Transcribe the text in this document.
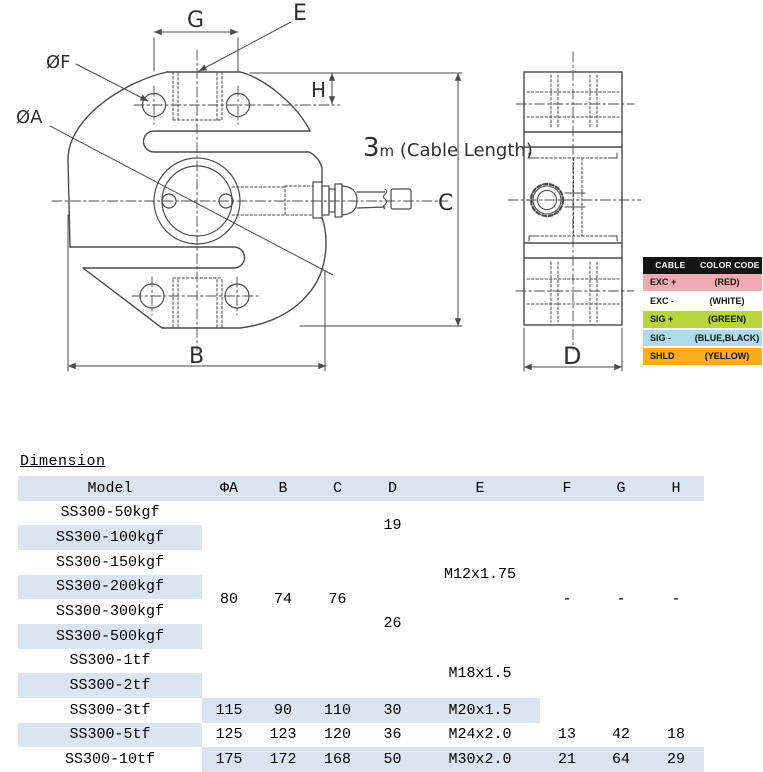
G	E
ØF
ØA
H
C
B
3m (Cable Length)
D
CABLE	COLOR CODE
EXC +	(RED)
EXC -	(WHITE)
SIG +	(GREEN)
SIG -	(BLUE,BLACK)
SHLD	(YELLOW)
Dimension
Model	ΦA	B	C	D	E	F	G	H
SS300-50kgf	80	74	76	19	M12x1.75	-	-	-
SS300-100kgf								
SS300-150kgf				26				
SS300-200kgf								
SS300-300kgf								
SS300-500kgf								
SS300-1tf					M18x1.5			
SS300-2tf								
SS300-3tf	115	90	110	30	M20x1.5			
SS300-5tf	125	123	120	36	M24x2.0	13	42	18
SS300-10tf	175	172	168	50	M30x2.0	21	64	29
